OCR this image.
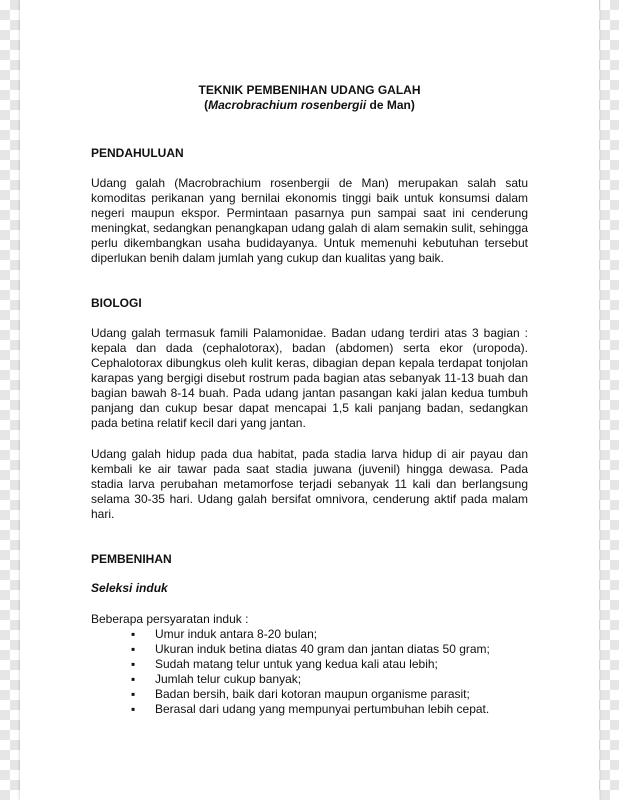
TEKNIK PEMBENIHAN UDANG GALAH

(Macrobrachium rosenbergii de Man)

PENDAHULUAN

Udang galah (Macrobrachium rosenbergii de Man) merupakan salah satu komoditas perikanan yang bernilai ekonomis tinggi baik untuk konsumsi dalam negeri maupun ekspor. Permintaan pasarnya pun sampai saat ini cenderung meningkat, sedangkan penangkapan udang galah di alam semakin sulit, sehingga perlu dikembangkan usaha budidayanya. Untuk memenuhi kebutuhan tersebut diperlukan benih dalam jumlah yang cukup dan kualitas yang baik.

BIOLOGI

Udang galah termasuk famili Palamonidae. Badan udang terdiri atas 3 bagian : kepala dan dada (cephalotorax), badan (abdomen) serta ekor (uropoda). Cephalotorax dibungkus oleh kulit keras, dibagian depan kepala terdapat tonjolan karapas yang bergigi disebut rostrum pada bagian atas sebanyak 11-13 buah dan bagian bawah 8-14 buah. Pada udang jantan pasangan kaki jalan kedua tumbuh panjang dan cukup besar dapat mencapai 1,5 kali panjang badan, sedangkan pada betina relatif kecil dari yang jantan.

Udang galah hidup pada dua habitat, pada stadia larva hidup di air payau dan kembali ke air tawar pada saat stadia juwana (juvenil) hingga dewasa. Pada stadia larva perubahan metamorfose terjadi sebanyak 11 kali dan berlangsung selama 30-35 hari. Udang galah bersifat omnivora, cenderung aktif pada malam hari.

PEMBENIHAN

Seleksi induk

Beberapa persyaratan induk :

▪ Umur induk antara 8-20 bulan;
▪ Ukuran induk betina diatas 40 gram dan jantan diatas 50 gram;
▪ Sudah matang telur untuk yang kedua kali atau lebih;
▪ Jumlah telur cukup banyak;
▪ Badan bersih, baik dari kotoran maupun organisme parasit;
▪ Berasal dari udang yang mempunyai pertumbuhan lebih cepat.
